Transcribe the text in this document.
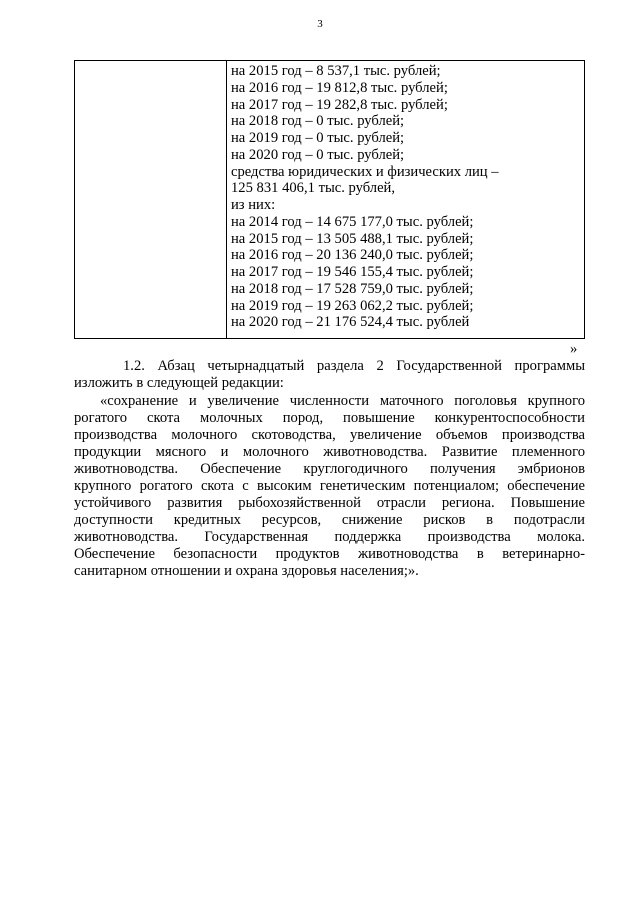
3
на 2015 год – 8 537,1 тыс. рублей;
на 2016 год – 19 812,8 тыс. рублей;
на 2017 год – 19 282,8 тыс. рублей;
на 2018 год – 0 тыс. рублей;
на 2019 год – 0 тыс. рублей;
на 2020 год – 0 тыс. рублей;
средства юридических и физических лиц –
125 831 406,1 тыс. рублей,
из них:
на 2014 год – 14 675 177,0 тыс. рублей;
на 2015 год – 13 505 488,1 тыс. рублей;
на 2016 год – 20 136 240,0 тыс. рублей;
на 2017 год – 19 546 155,4 тыс. рублей;
на 2018 год – 17 528 759,0 тыс. рублей;
на 2019 год – 19 263 062,2 тыс. рублей;
на 2020 год – 21 176 524,4 тыс. рублей
»
1.2. Абзац четырнадцатый раздела 2 Государственной программы
изложить в следующей редакции:
«сохранение и увеличение численности маточного поголовья крупного
рогатого скота молочных пород, повышение конкурентоспособности
производства молочного скотоводства, увеличение объемов производства
продукции мясного и молочного животноводства. Развитие племенного
животноводства. Обеспечение круглогодичного получения эмбрионов
крупного рогатого скота с высоким генетическим потенциалом; обеспечение
устойчивого развития рыбохозяйственной отрасли региона. Повышение
доступности кредитных ресурсов, снижение рисков в подотрасли
животноводства. Государственная поддержка производства молока.
Обеспечение безопасности продуктов животноводства в ветеринарно-
санитарном отношении и охрана здоровья населения;».
